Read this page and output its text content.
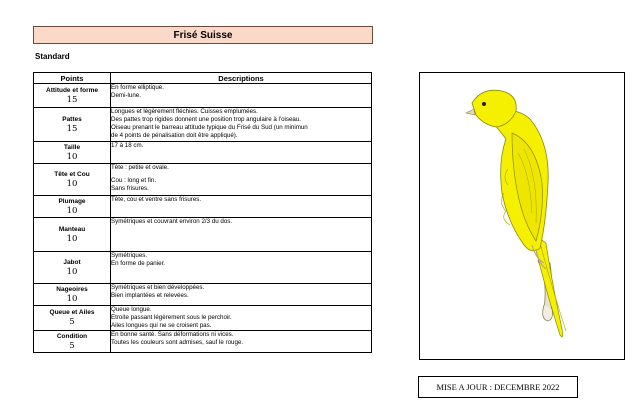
Frisé Suisse
Standard
Points	Descriptions

Attitude et forme
15	En forme elliptique.
Demi-lune.

Pattes
15	Longues et légèrement fléchies. Cuisses emplumées.
Des pattes trop rigides donnent une position trop angulaire à l'oiseau.
Oiseau prenant le barreau attitude typique du Frisé du Sud (un minimun
de 4 points de pénalisation doit être appliqué).

Taille
10	17 à 18 cm.

Tête et Cou
10	Tête : petite et ovale.
Cou : long et fin.
Sans frisures.

Plumage
10	Tête, cou et ventre sans frisures.

Manteau
10	Symétriques et couvrant environ 2/3 du dos.

Jabot
10	Symétriques.
En forme de panier.

Nageoires
10	Symétriques et bien développées.
Bien implantées et relevées.

Queue et Ailes
5	Queue longue.
Étroite passant légèrement sous le perchoir.
Ailes longues qui ne se croisent pas.

Condition
5	En bonne santé. Sans déformations ni vices.
Toutes les couleurs sont admises, sauf le rouge.
MISE A JOUR : DECEMBRE 2022
